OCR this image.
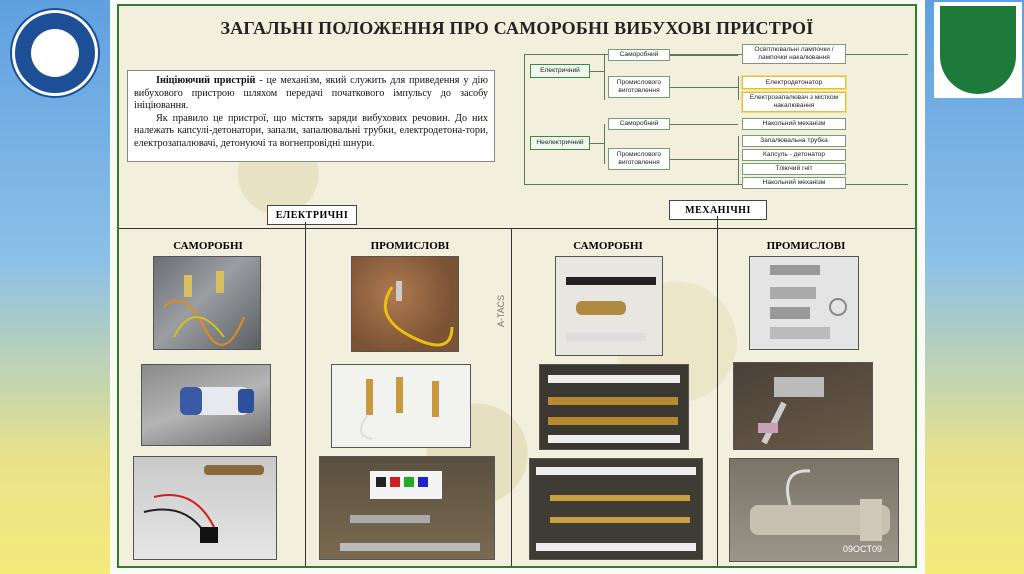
ЗАГАЛЬНІ ПОЛОЖЕННЯ ПРО САМОРОБНІ ВИБУХОВІ ПРИСТРОЇ

Ініціюючий пристрій - це механізм, який служить для приведення у дію вибухового пристрою шляхом передачі початкового імпульсу до засобу ініціювання.

Як правило це пристрої, що містять заряди вибухових речовин. До них належать капсулі-детонатори, запали, запалювальні трубки, електродетона-тори, електрозапалювачі, детонуючі та вогнепровідні шнури.

Електричний
Неелектричний
Саморобний
Промислового виготовлення
Саморобний
Промислового виготовлення
Освітлювальні лампочки / лампочки накалювання
Електродетонатор
Електрозапалювач з містком накалювання
Накольний механізм
Запалювальна трубка
Капсуль - детонатор
Тліючий гніт
Накольний механізм
ЕЛЕКТРИЧНІ	МЕХАНІЧНІ
САМОРОБНІ	ПРОМИСЛОВІ	САМОРОБНІ	ПРОМИСЛОВІ
A-TACS
09OCT09
